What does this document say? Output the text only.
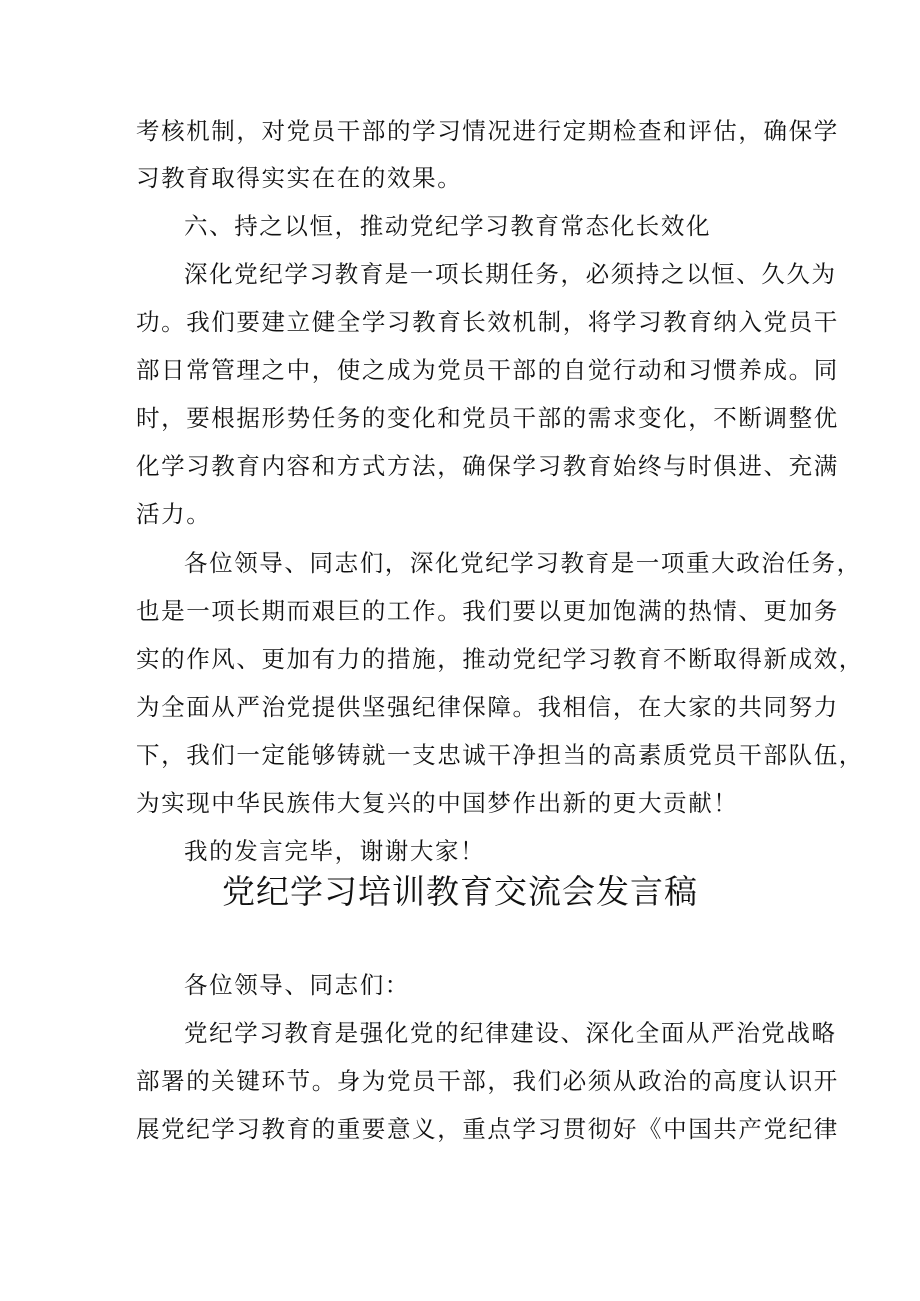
考核机制，对党员干部的学习情况进行定期检查和评估，确保学
习教育取得实实在在的效果。
六、持之以恒，推动党纪学习教育常态化长效化
深化党纪学习教育是一项长期任务，必须持之以恒、久久为
功。我们要建立健全学习教育长效机制，将学习教育纳入党员干
部日常管理之中，使之成为党员干部的自觉行动和习惯养成。同
时，要根据形势任务的变化和党员干部的需求变化，不断调整优
化学习教育内容和方式方法，确保学习教育始终与时俱进、充满
活力。
各位领导、同志们，深化党纪学习教育是一项重大政治任务，
也是一项长期而艰巨的工作。我们要以更加饱满的热情、更加务
实的作风、更加有力的措施，推动党纪学习教育不断取得新成效，
为全面从严治党提供坚强纪律保障。我相信，在大家的共同努力
下，我们一定能够铸就一支忠诚干净担当的高素质党员干部队伍，
为实现中华民族伟大复兴的中国梦作出新的更大贡献！
我的发言完毕，谢谢大家！
党纪学习培训教育交流会发言稿
各位领导、同志们：
党纪学习教育是强化党的纪律建设、深化全面从严治党战略
部署的关键环节。身为党员干部，我们必须从政治的高度认识开
展党纪学习教育的重要意义，重点学习贯彻好《中国共产党纪律
